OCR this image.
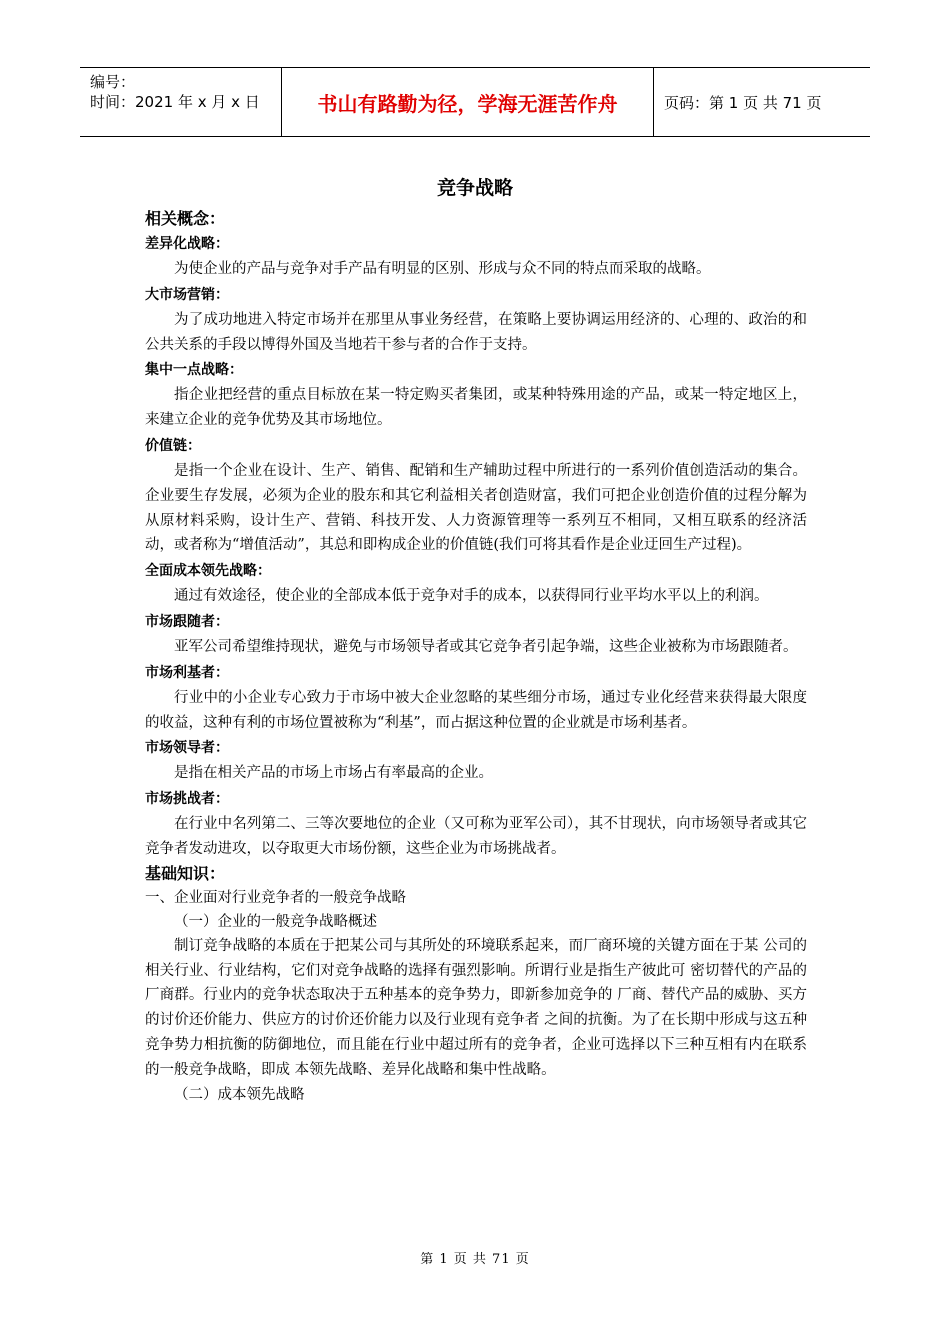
编号：
时间：2021 年 x 月 x 日	书山有路勤为径，学海无涯苦作舟	页码：第 1 页 共 71 页
竞争战略
相关概念：
差异化战略：

为使企业的产品与竞争对手产品有明显的区别、形成与众不同的特点而采取的战略。

大市场营销：

为了成功地进入特定市场并在那里从事业务经营，在策略上要协调运用经济的、心理的、政治的和公共关系的手段以博得外国及当地若干参与者的合作于支持。

集中一点战略：

指企业把经营的重点目标放在某一特定购买者集团，或某种特殊用途的产品，或某一特定地区上，来建立企业的竞争优势及其市场地位。

价值链：

是指一个企业在设计、生产、销售、配销和生产辅助过程中所进行的一系列价值创造活动的集合。企业要生存发展，必须为企业的股东和其它利益相关者创造财富，我们可把企业创造价值的过程分解为从原材料采购，设计生产、营销、科技开发、人力资源管理等一系列互不相同，又相互联系的经济活动，或者称为“增值活动”，其总和即构成企业的价值链(我们可将其看作是企业迂回生产过程)。

全面成本领先战略：

通过有效途径，使企业的全部成本低于竞争对手的成本，以获得同行业平均水平以上的利润。

市场跟随者：

亚军公司希望维持现状，避免与市场领导者或其它竞争者引起争端，这些企业被称为市场跟随者。

市场利基者：

行业中的小企业专心致力于市场中被大企业忽略的某些细分市场，通过专业化经营来获得最大限度的收益，这种有利的市场位置被称为“利基”，而占据这种位置的企业就是市场利基者。

市场领导者：

是指在相关产品的市场上市场占有率最高的企业。

市场挑战者：

在行业中名列第二、三等次要地位的企业（又可称为亚军公司），其不甘现状，向市场领导者或其它竞争者发动进攻，以夺取更大市场份额，这些企业为市场挑战者。

基础知识：
一、企业面对行业竞争者的一般竞争战略
（一）企业的一般竞争战略概述

制订竞争战略的本质在于把某公司与其所处的环境联系起来，而厂商环境的关键方面在于某 公司的相关行业、行业结构，它们对竞争战略的选择有强烈影响。所谓行业是指生产彼此可 密切替代的产品的厂商群。行业内的竞争状态取决于五种基本的竞争势力，即新参加竞争的 厂商、替代产品的威胁、买方的讨价还价能力、供应方的讨价还价能力以及行业现有竞争者 之间的抗衡。为了在长期中形成与这五种竞争势力相抗衡的防御地位，而且能在行业中超过所有的竞争者，企业可选择以下三种互相有内在联系的一般竞争战略，即成 本领先战略、差异化战略和集中性战略。

（二）成本领先战略
第 1 页 共 71 页
